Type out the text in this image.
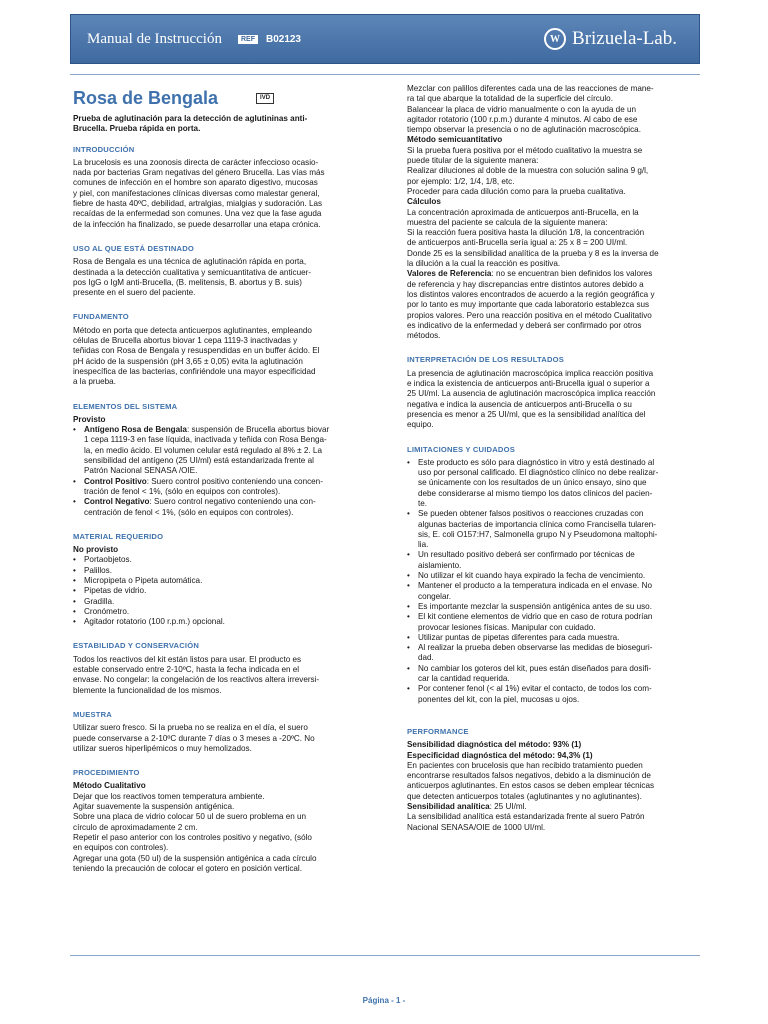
Manual de Instrucción	REF	B02123	W Brizuela-Lab.
Rosa de Bengala	IVD

Prueba de aglutinación para la detección de aglutininas anti-

Brucella. Prueba rápida en porta.

INTRODUCCIÓN

La brucelosis es una zoonosis directa de carácter infeccioso ocasio-

nada por bacterias Gram negativas del género Brucella. Las vías más

comunes de infección en el hombre son aparato digestivo, mucosas

y piel, con manifestaciones clínicas diversas como malestar general,

fiebre de hasta 40ºC, debilidad, artralgias, mialgias y sudoración. Las

recaídas de la enfermedad son comunes. Una vez que la fase aguda

de la infección ha finalizado, se puede desarrollar una etapa crónica.

USO AL QUE ESTÁ DESTINADO

Rosa de Bengala es una técnica de aglutinación rápida en porta,

destinada a la detección cualitativa y semicuantitativa de anticuer-

pos IgG o IgM anti-Brucella, (B. melitensis, B. abortus y B. suis)

presente en el suero del paciente.

FUNDAMENTO

Método en porta que detecta anticuerpos aglutinantes, empleando

células de Brucella abortus biovar 1 cepa 1119-3 inactivadas y

teñidas con Rosa de Bengala y resuspendidas en un buffer ácido. El

pH ácido de la suspensión (pH 3,65 ± 0,05) evita la aglutinación

inespecífica de las bacterias, confiriéndole una mayor especificidad

a la prueba.

ELEMENTOS DEL SISTEMA

Provisto

• Antígeno Rosa de Bengala: suspensión de Brucella abortus biovar

1 cepa 1119-3 en fase líquida, inactivada y teñida con Rosa Benga-

la, en medio ácido. El volumen celular está regulado al 8% ± 2. La

sensibilidad del antígeno (25 UI/ml) está estandarizada frente al

Patrón Nacional SENASA /OIE.

• Control Positivo: Suero control positivo conteniendo una concen-

tración de fenol < 1%, (sólo en equipos con controles).

• Control Negativo: Suero control negativo conteniendo una con-

centración de fenol < 1%, (sólo en equipos con controles).

MATERIAL REQUERIDO

No provisto

• Portaobjetos.
• Palillos.
• Micropipeta o Pipeta automática.
• Pipetas de vidrio.
• Gradilla.
• Cronómetro.
• Agitador rotatorio (100 r.p.m.) opcional.
ESTABILIDAD Y CONSERVACIÓN

Todos los reactivos del kit están listos para usar. El producto es

estable conservado entre 2-10ºC, hasta la fecha indicada en el

envase. No congelar: la congelación de los reactivos altera irreversi-

blemente la funcionalidad de los mismos.

MUESTRA

Utilizar suero fresco. Si la prueba no se realiza en el día, el suero

puede conservarse a 2-10ºC durante 7 días o 3 meses a -20ºC. No

utilizar sueros hiperlipémicos o muy hemolizados.

PROCEDIMIENTO

Método Cualitativo

Dejar que los reactivos tomen temperatura ambiente.

Agitar suavemente la suspensión antigénica.

Sobre una placa de vidrio colocar 50 ul de suero problema en un

círculo de aproximadamente 2 cm.

Repetir el paso anterior con los controles positivo y negativo, (sólo

en equipos con controles).

Agregar una gota (50 ul) de la suspensión antigénica a cada círculo

teniendo la precaución de colocar el gotero en posición vertical.

Mezclar con palillos diferentes cada una de las reacciones de mane-

ra tal que abarque la totalidad de la superficie del círculo.

Balancear la placa de vidrio manualmente o con la ayuda de un

agitador rotatorio (100 r.p.m.) durante 4 minutos. Al cabo de ese

tiempo observar la presencia o no de aglutinación macroscópica.

Método semicuantitativo

Si la prueba fuera positiva por el método cualitativo la muestra se

puede titular de la siguiente manera:

Realizar diluciones al doble de la muestra con solución salina 9 g/l,

por ejemplo: 1/2, 1/4, 1/8, etc.

Proceder para cada dilución como para la prueba cualitativa.

Cálculos

La concentración aproximada de anticuerpos anti-Brucella, en la

muestra del paciente se calcula de la siguiente manera:

Si la reacción fuera positiva hasta la dilución 1/8, la concentración

de anticuerpos anti-Brucella sería igual a: 25 x 8 = 200 UI/ml.

Donde 25 es la sensibilidad analítica de la prueba y 8 es la inversa de

la dilución a la cual la reacción es positiva.

Valores de Referencia: no se encuentran bien definidos los valores

de referencia y hay discrepancias entre distintos autores debido a

los distintos valores encontrados de acuerdo a la región geográfica y

por lo tanto es muy importante que cada laboratorio establezca sus

propios valores. Pero una reacción positiva en el método Cualitativo

es indicativo de la enfermedad y deberá ser confirmado por otros

métodos.

INTERPRETACIÓN DE LOS RESULTADOS

La presencia de aglutinación macroscópica implica reacción positiva

e indica la existencia de anticuerpos anti-Brucella igual o superior a

25 UI/ml. La ausencia de aglutinación macroscópica implica reacción

negativa e indica la ausencia de anticuerpos anti-Brucella o su

presencia es menor a 25 UI/ml, que es la sensibilidad analítica del

equipo.

LIMITACIONES Y CUIDADOS

• Este producto es sólo para diagnóstico in vitro y está destinado al

uso por personal calificado. El diagnóstico clínico no debe realizar-

se únicamente con los resultados de un único ensayo, sino que

debe considerarse al mismo tiempo los datos clínicos del pacien-

te.

• Se pueden obtener falsos positivos o reacciones cruzadas con

algunas bacterias de importancia clínica como Francisella tularen-

sis, E. coli O157:H7, Salmonella grupo N y Pseudomona maltophi-

lia.

• Un resultado positivo deberá ser confirmado por técnicas de

aislamiento.

• No utilizar el kit cuando haya expirado la fecha de vencimiento.

• Mantener el producto a la temperatura indicada en el envase. No

congelar.

• Es importante mezclar la suspensión antigénica antes de su uso.

• El kit contiene elementos de vidrio que en caso de rotura podrían

provocar lesiones físicas. Manipular con cuidado.

• Utilizar puntas de pipetas diferentes para cada muestra.

• Al realizar la prueba deben observarse las medidas de bioseguri-

dad.

• No cambiar los goteros del kit, pues están diseñados para dosifi-

car la cantidad requerida.

• Por contener fenol (< al 1%) evitar el contacto, de todos los com-

ponentes del kit, con la piel, mucosas u ojos.

PERFORMANCE

Sensibilidad diagnóstica del método: 93% (1)

Especificidad diagnóstica del método: 94,3% (1)

En pacientes con brucelosis que han recibido tratamiento pueden

encontrarse resultados falsos negativos, debido a la disminución de

anticuerpos aglutinantes. En estos casos se deben emplear técnicas

que detecten anticuerpos totales (aglutinantes y no aglutinantes).

Sensibilidad analítica: 25 UI/ml.

La sensibilidad analítica está estandarizada frente al suero Patrón

Nacional SENASA/OIE de 1000 UI/ml.

Página - 1 -
